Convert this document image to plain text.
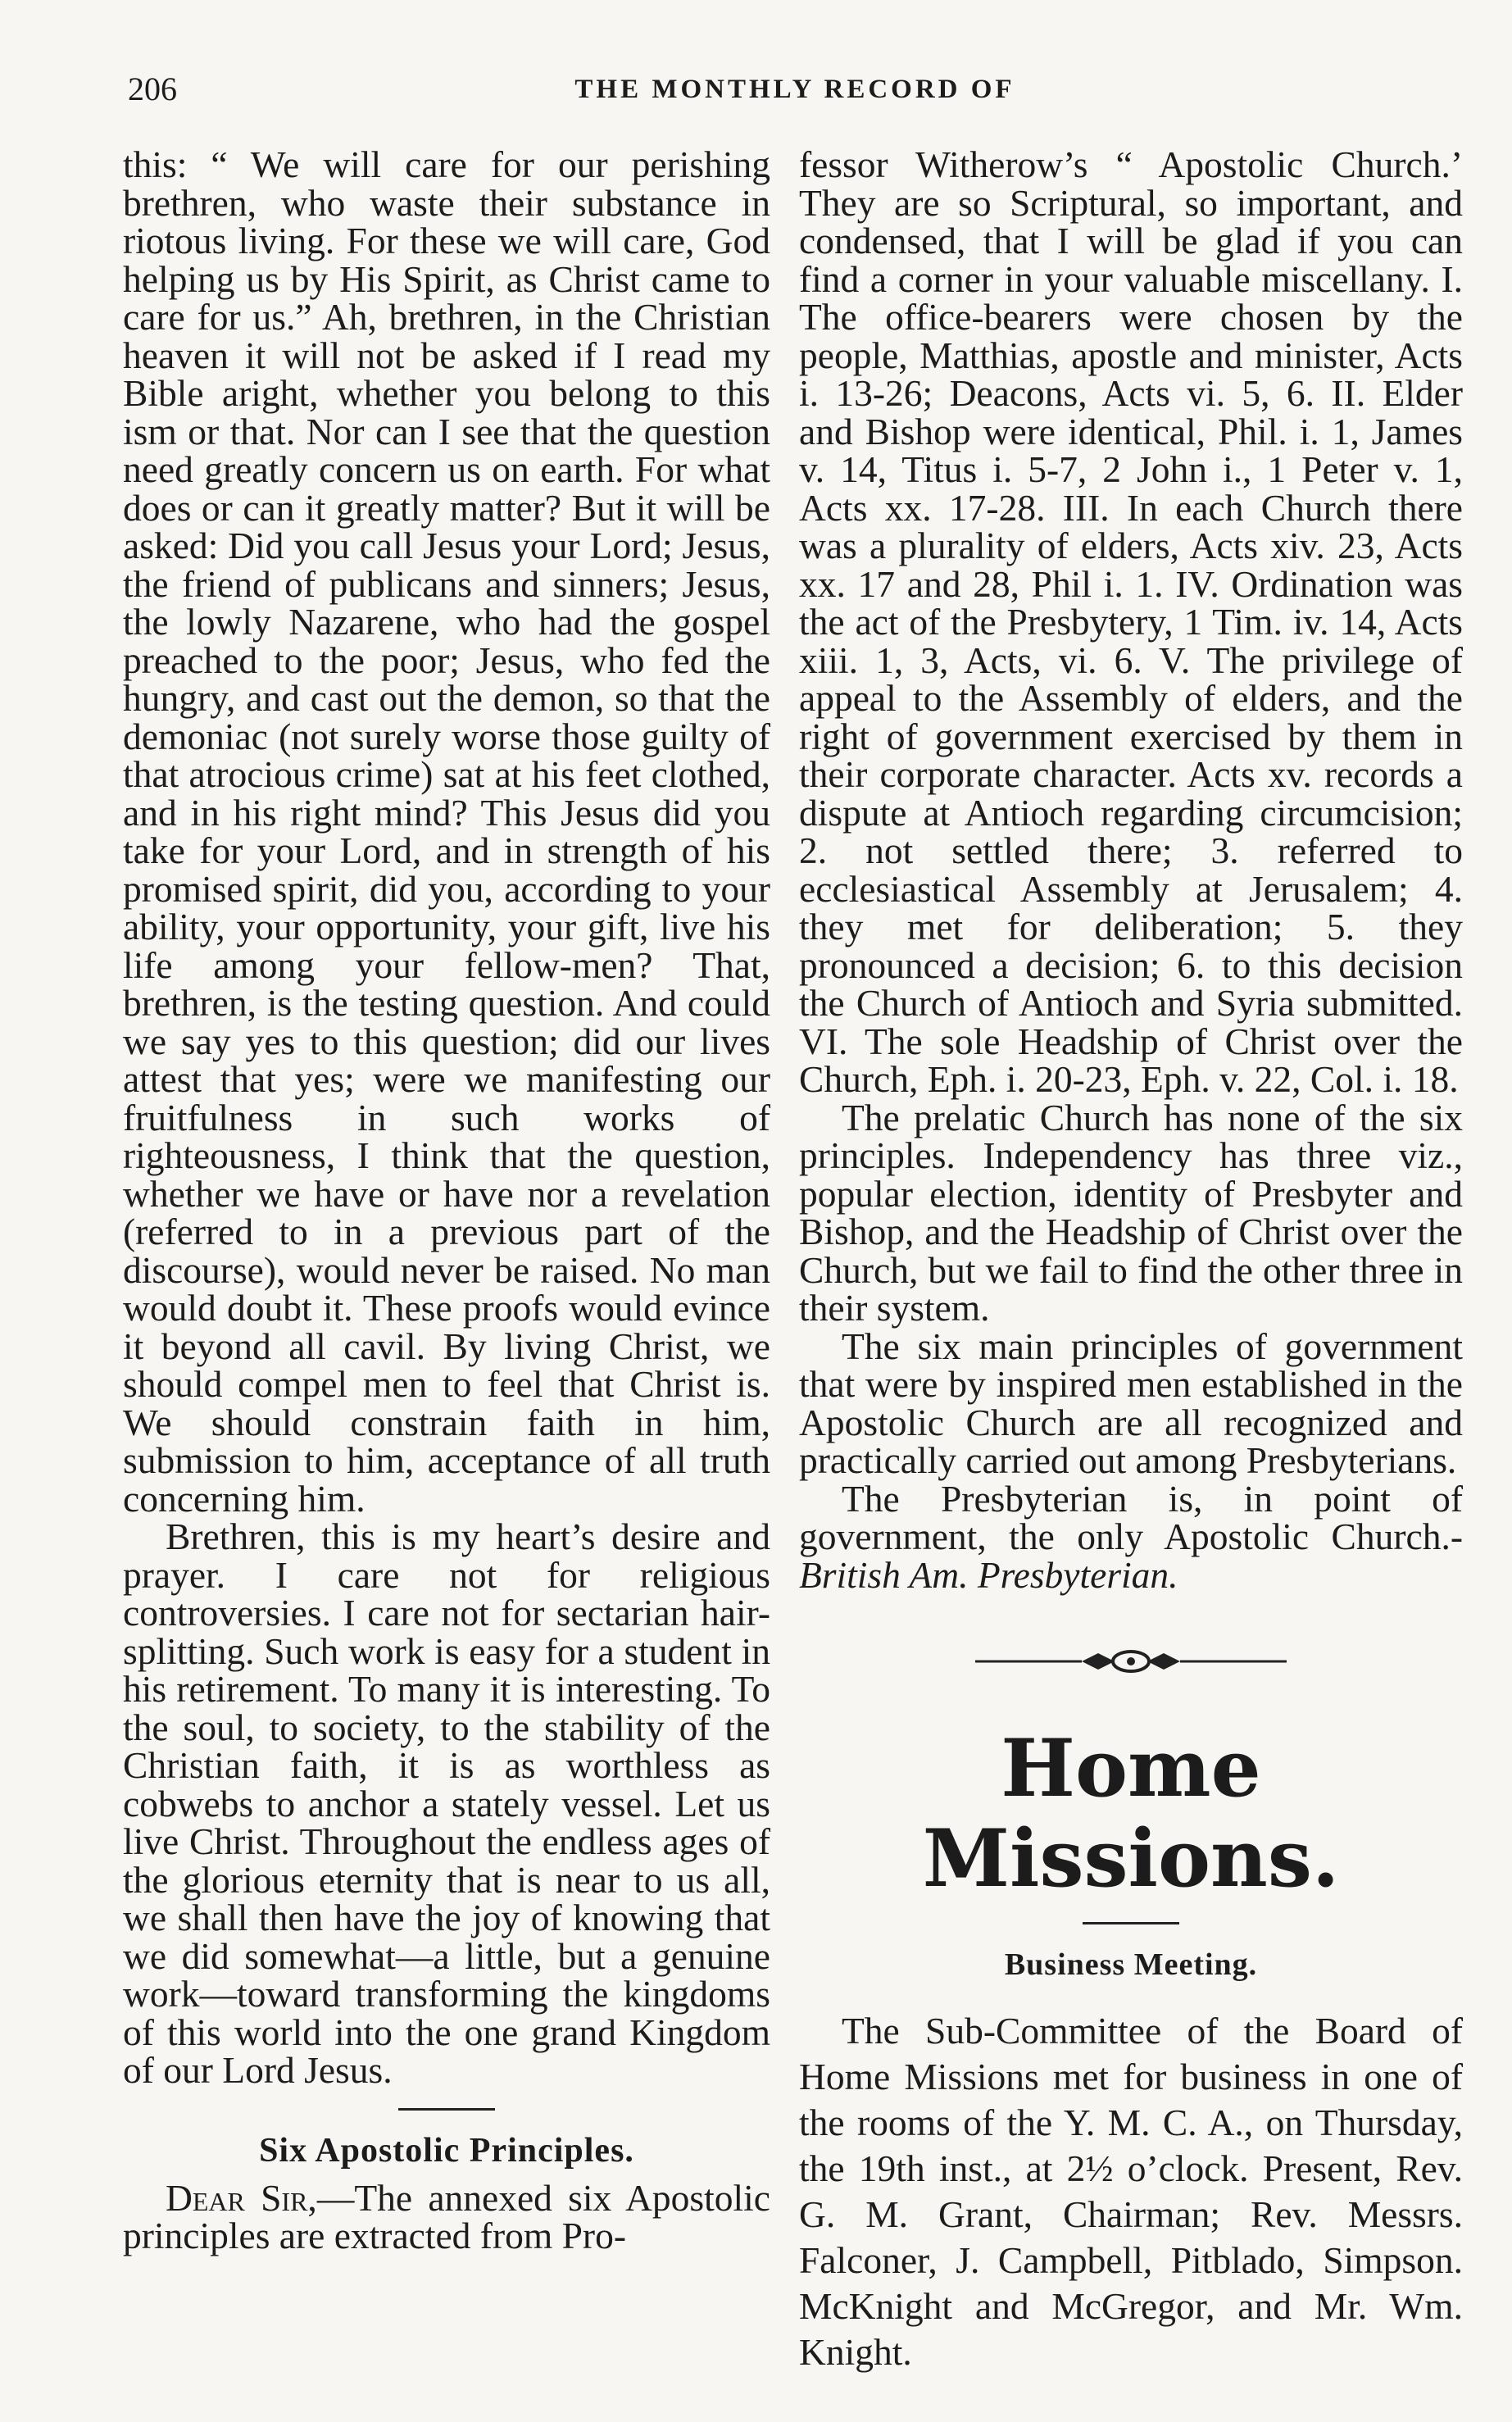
206	THE MONTHLY RECORD OF

this: “ We will care for our perishing brethren, who waste their substance in riotous living. For these we will care, God helping us by His Spirit, as Christ came to care for us.” Ah, brethren, in the Christian heaven it will not be asked if I read my Bible aright, whether you belong to this ism or that. Nor can I see that the question need greatly concern us on earth. For what does or can it greatly matter? But it will be asked: Did you call Jesus your Lord; Jesus, the friend of publicans and sinners; Jesus, the lowly Nazarene, who had the gospel preached to the poor; Jesus, who fed the hungry, and cast out the demon, so that the demoniac (not surely worse those guilty of that atrocious crime) sat at his feet clothed, and in his right mind? This Jesus did you take for your Lord, and in strength of his promised spirit, did you, according to your ability, your opportunity, your gift, live his life among your fellow-men? That, brethren, is the testing question. And could we say yes to this question; did our lives attest that yes; were we manifesting our fruitfulness in such works of righteousness, I think that the question, whether we have or have nor a revelation (referred to in a previous part of the discourse), would never be raised. No man would doubt it. These proofs would evince it beyond all cavil. By living Christ, we should compel men to feel that Christ is. We should constrain faith in him, submission to him, acceptance of all truth concerning him.

Brethren, this is my heart’s desire and prayer. I care not for religious controversies. I care not for sectarian hair-splitting. Such work is easy for a student in his retirement. To many it is interesting. To the soul, to society, to the stability of the Christian faith, it is as worthless as cobwebs to anchor a stately vessel. Let us live Christ. Throughout the endless ages of the glorious eternity that is near to us all, we shall then have the joy of knowing that we did somewhat—a little, but a genuine work—toward transforming the kingdoms of this world into the one grand Kingdom of our Lord Jesus.

Six Apostolic Principles.

Dear Sir,—The annexed six Apostolic principles are extracted from Pro-

fessor Witherow’s “ Apostolic Church.’ They are so Scriptural, so important, and condensed, that I will be glad if you can find a corner in your valuable miscellany. I. The office-bearers were chosen by the people, Matthias, apostle and minister, Acts i. 13-26; Deacons, Acts vi. 5, 6. II. Elder and Bishop were identical, Phil. i. 1, James v. 14, Titus i. 5-7, 2 John i., 1 Peter v. 1, Acts xx. 17-28. III. In each Church there was a plurality of elders, Acts xiv. 23, Acts xx. 17 and 28, Phil i. 1. IV. Ordination was the act of the Presbytery, 1 Tim. iv. 14, Acts xiii. 1, 3, Acts, vi. 6. V. The privilege of appeal to the Assembly of elders, and the right of government exercised by them in their corporate character. Acts xv. records a dispute at Antioch regarding circumcision; 2. not settled there; 3. referred to ecclesiastical Assembly at Jerusalem; 4. they met for deliberation; 5. they pronounced a decision; 6. to this decision the Church of Antioch and Syria submitted. VI. The sole Headship of Christ over the Church, Eph. i. 20-23, Eph. v. 22, Col. i. 18.

The prelatic Church has none of the six principles. Independency has three viz., popular election, identity of Presbyter and Bishop, and the Headship of Christ over the Church, but we fail to find the other three in their system.

The six main principles of government that were by inspired men established in the Apostolic Church are all recognized and practically carried out among Presbyterians.

The Presbyterian is, in point of government, the only Apostolic Church.- British Am. Presbyterian.

Home Missions.
Business Meeting.

The Sub-Committee of the Board of Home Missions met for business in one of the rooms of the Y. M. C. A., on Thursday, the 19th inst., at 2½ o’clock. Present, Rev. G. M. Grant, Chairman; Rev. Messrs. Falconer, J. Campbell, Pitblado, Simpson. McKnight and McGregor, and Mr. Wm. Knight.
